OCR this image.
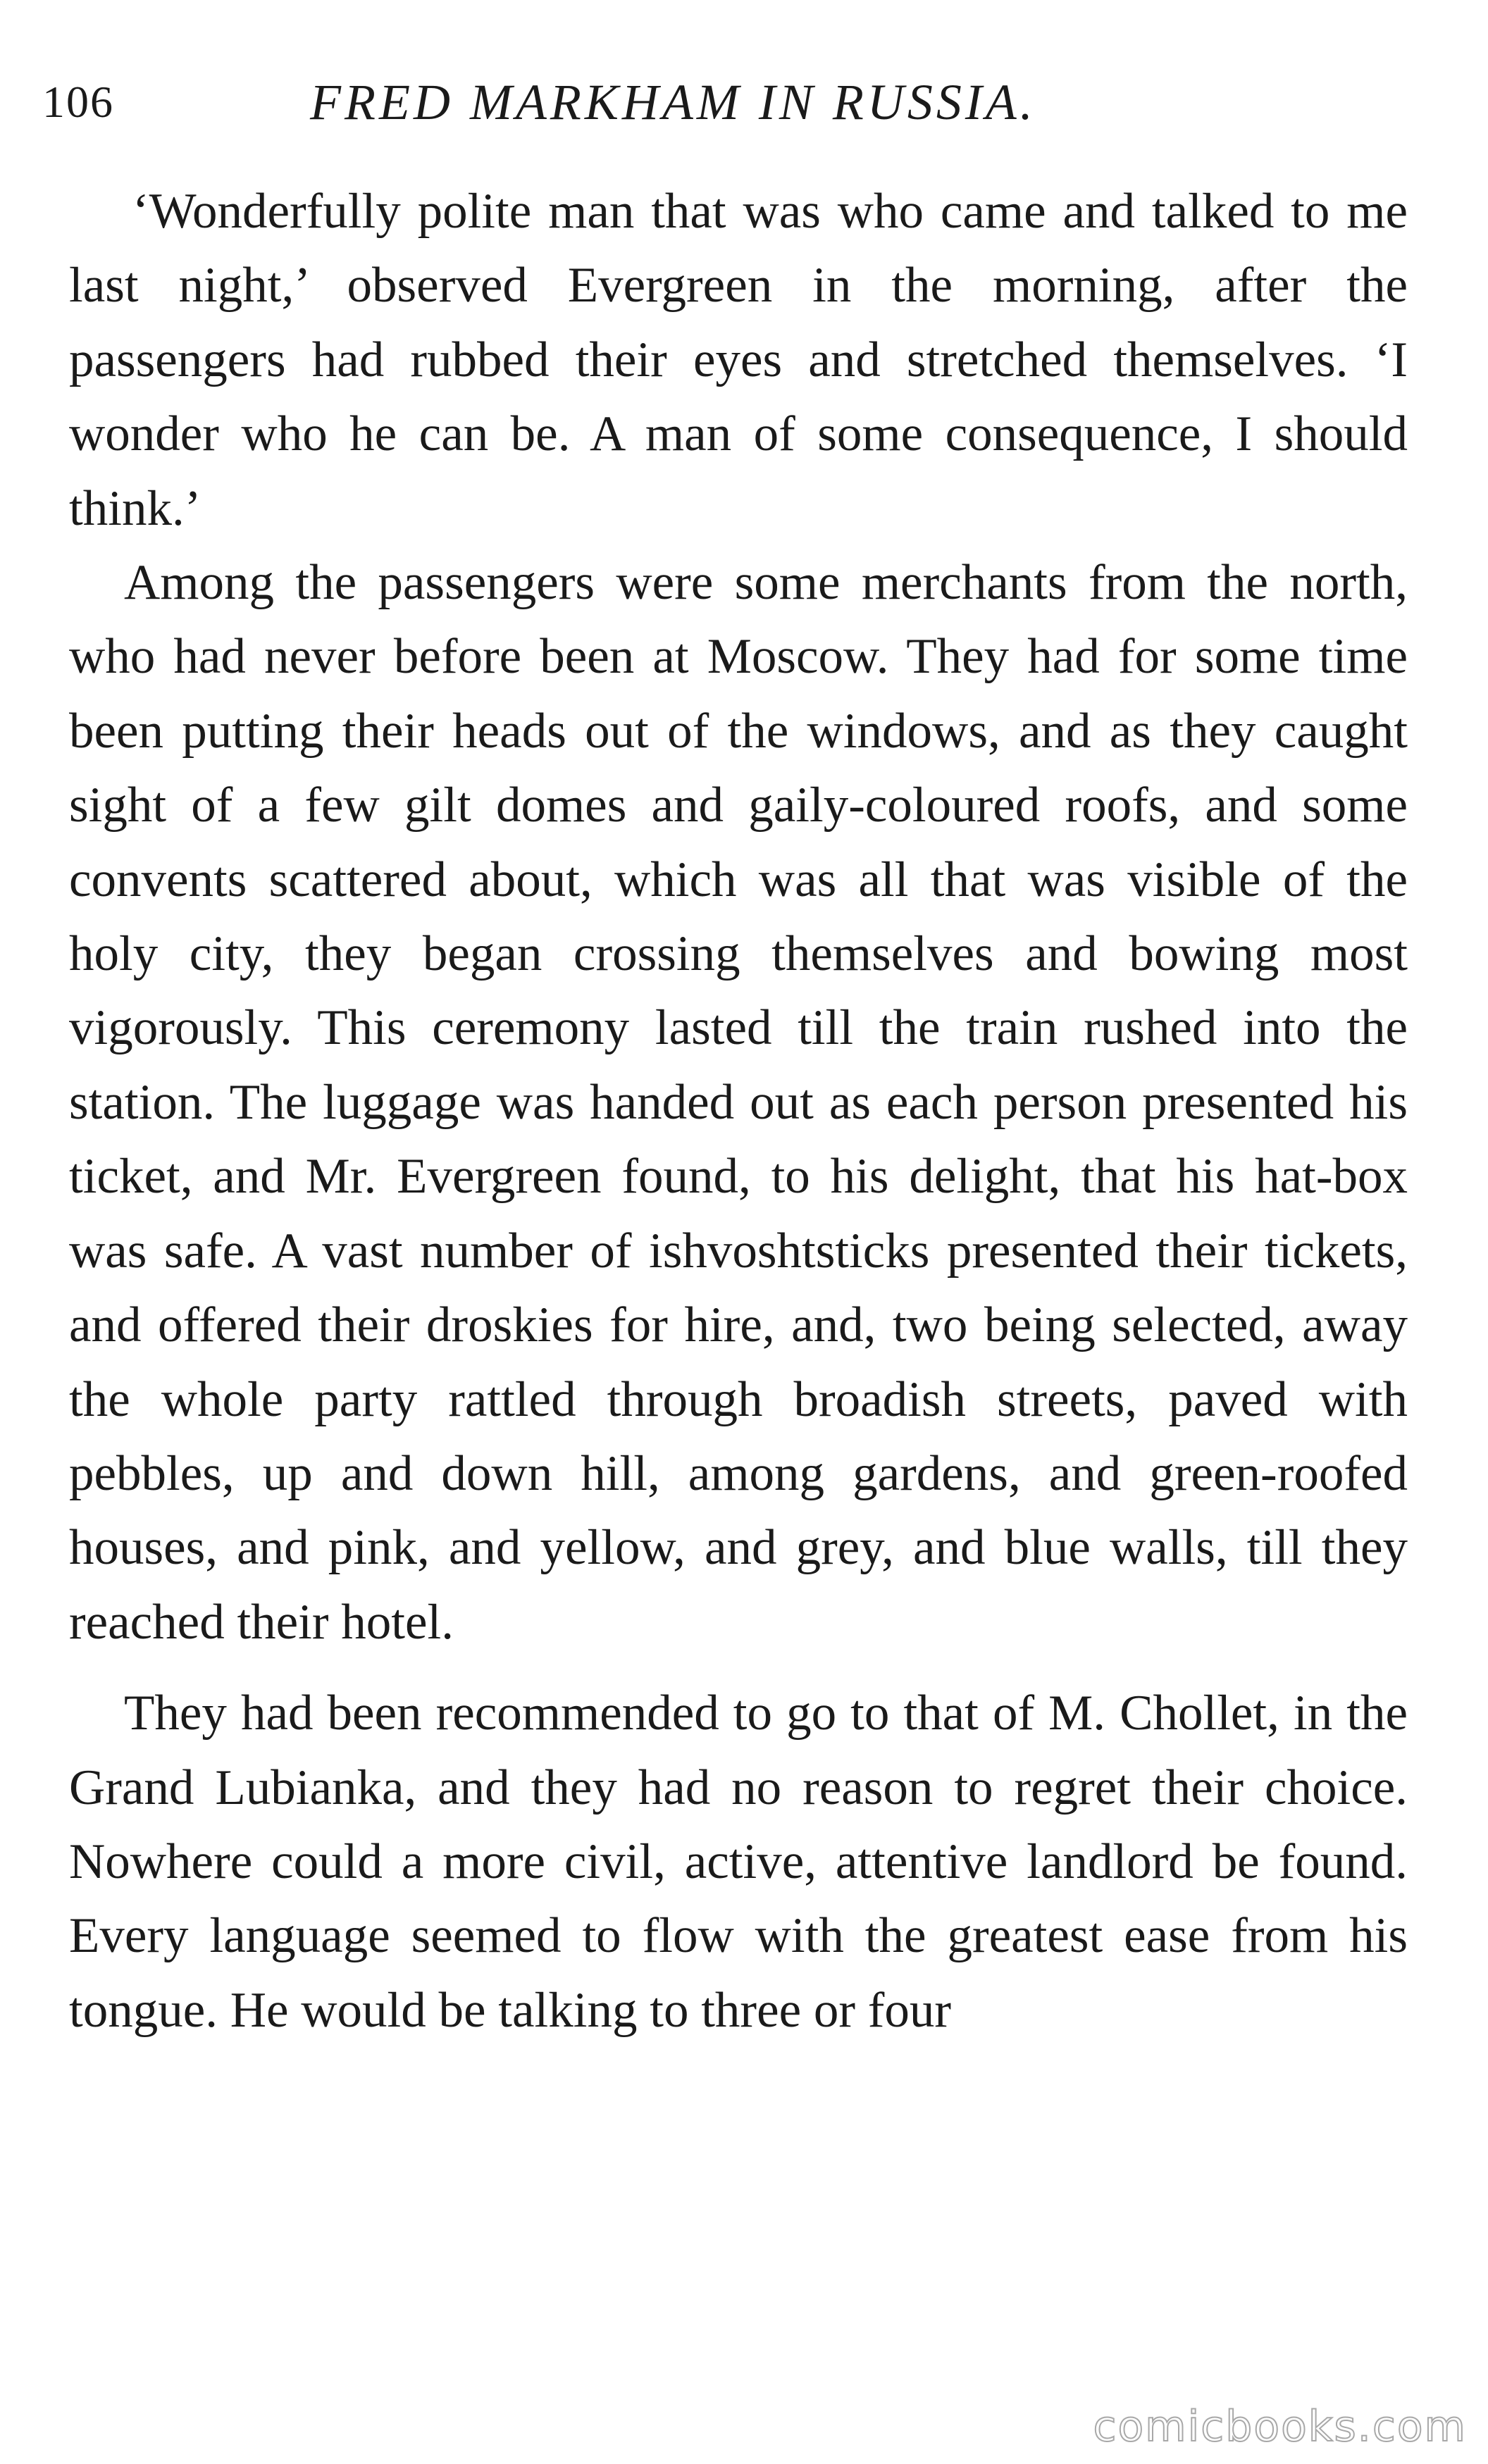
106	FRED MARKHAM IN RUSSIA.

‘Wonderfully polite man that was who came and talked to me last night,’ observed Evergreen in the morning, after the passengers had rubbed their eyes and stretched themselves. ‘I wonder who he can be. A man of some consequence, I should think.’

Among the passengers were some merchants from the north, who had never before been at Moscow. They had for some time been putting their heads out of the windows, and as they caught sight of a few gilt domes and gaily-coloured roofs, and some convents scattered about, which was all that was visible of the holy city, they began crossing themselves and bowing most vigorously. This ceremony lasted till the train rushed into the station. The luggage was handed out as each person presented his ticket, and Mr. Evergreen found, to his delight, that his hat-box was safe. A vast number of ishvoshtsticks presented their tickets, and offered their droskies for hire, and, two being selected, away the whole party rattled through broadish streets, paved with pebbles, up and down hill, among gardens, and green-roofed houses, and pink, and yellow, and grey, and blue walls, till they reached their hotel.

They had been recommended to go to that of M. Chollet, in the Grand Lubianka, and they had no reason to regret their choice. Nowhere could a more civil, active, attentive landlord be found. Every language seemed to flow with the greatest ease from his tongue. He would be talking to three or four

comicbooks.com
